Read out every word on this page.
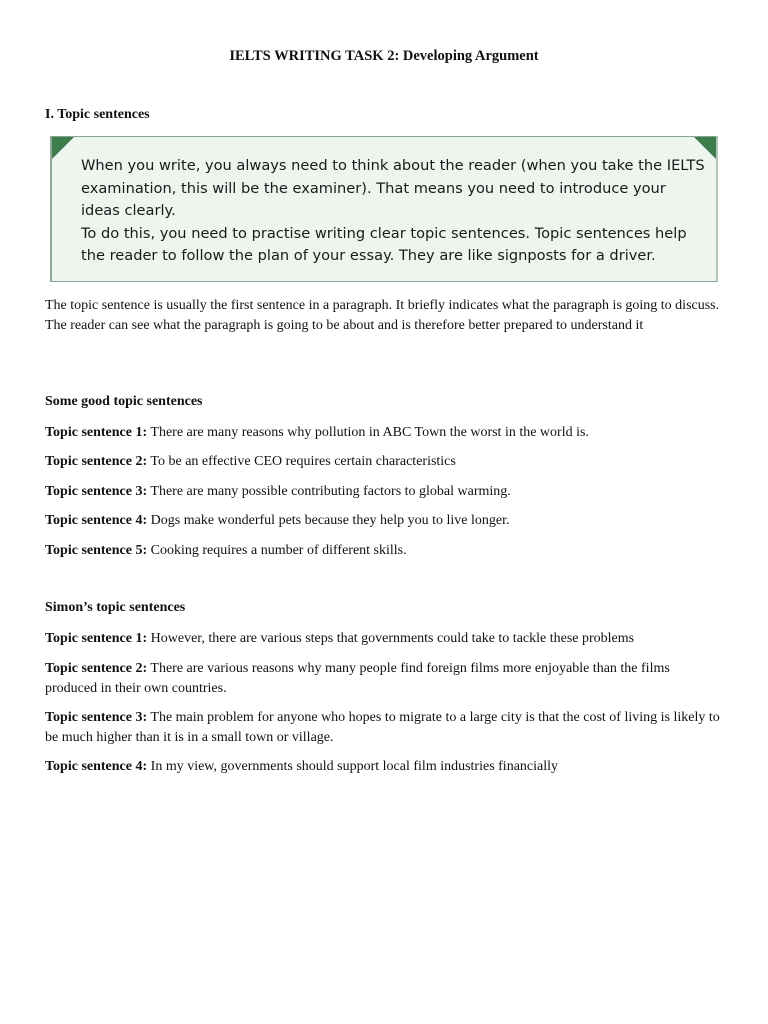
IELTS WRITING TASK 2: Developing Argument
I. Topic sentences

When you write, you always need to think about the reader (when you take the IELTS examination, this will be the examiner). That means you need to introduce your ideas clearly.

To do this, you need to practise writing clear topic sentences. Topic sentences help the reader to follow the plan of your essay. They are like signposts for a driver.

The topic sentence is usually the first sentence in a paragraph. It briefly indicates what the paragraph is going to discuss. The reader can see what the paragraph is going to be about and is therefore better prepared to understand it

Some good topic sentences

Topic sentence 1: There are many reasons why pollution in ABC Town the worst in the world is.

Topic sentence 2: To be an effective CEO requires certain characteristics

Topic sentence 3: There are many possible contributing factors to global warming.

Topic sentence 4: Dogs make wonderful pets because they help you to live longer.

Topic sentence 5: Cooking requires a number of different skills.

Simon’s topic sentences

Topic sentence 1: However, there are various steps that governments could take to tackle these problems

Topic sentence 2: There are various reasons why many people find foreign films more enjoyable than the films produced in their own countries.

Topic sentence 3: The main problem for anyone who hopes to migrate to a large city is that the cost of living is likely to be much higher than it is in a small town or village.

Topic sentence 4: In my view, governments should support local film industries financially
